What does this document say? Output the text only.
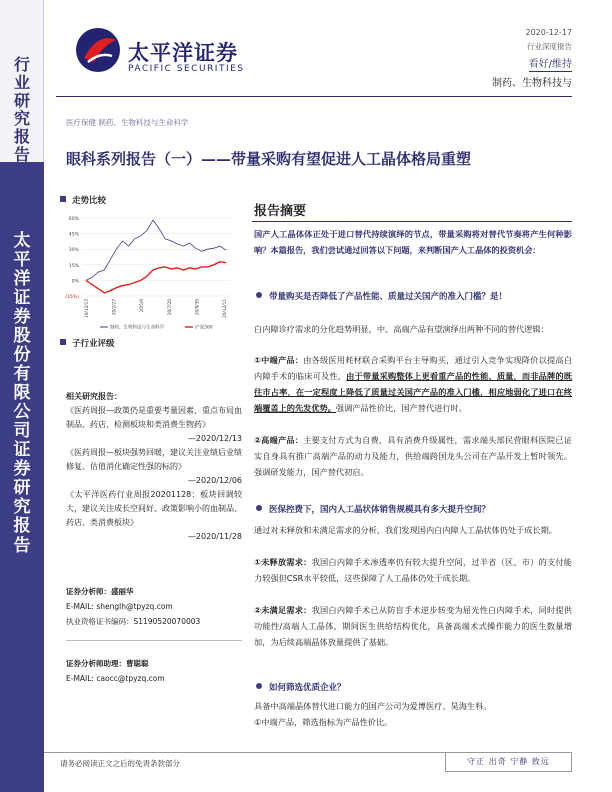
行
业
研
究
报
告
太
平
洋
证
券
股
份
有
限
公
司
证
券
研
究
报
告
太平洋证券
PACIFIC SECURITIES
2020-12-17
行业深度报告
看好/维持
制药、生物科技与
医疗保健 制药、生物科技与生命科学
眼科系列报告（一）——带量采购有望促进人工晶体格局重塑
走势比较
60%
45%
30%
15%
0%
(15%)
19/12/17	20/2/27	20/5/9	20/7/20	20/9/30	20/12/11
制药、生物科技与生命科学	沪深300
子行业评级
相关研究报告：
《医药周报—政策仍是重要考量因素，重点布局血制品、药店、检测板块和类消费生物药》
—2020/12/13
《医药周报—板块强势回暖，建议关注业绩后业绩修复、估值消化确定性强的标的》
—2020/12/06
《太平洋医药行业周报20201128：板块回调较大，建议关注成长空间好、政策影响小的血制品、药店、类消费板块》
—2020/11/28
证券分析师：盛丽华
E-MAIL: shenglh@tpyzq.com
执业资格证书编码：S1190520070003
证券分析师助理：曹聪聪
E-MAIL: caocc@tpyzq.com
报告摘要
国产人工晶体体正处于进口替代持续演绎的节点，带量采购将对替代节奏将产生何种影响？本篇报告，我们尝试通过回答以下问题，来判断国产人工晶体的投资机会：
带量购买是否降低了产品性能、质量过关国产的准入门槛？是！
白内障诊疗需求的分化趋势明显，中、高端产品有望演绎出两种不同的替代逻辑：
①中端产品：由各级医用耗材联合采购平台主导购买，通过引入竞争实现降价以提高白内障手术的临床可及性，由于带量采购整体上更看重产品的性能、质量，而非品牌的既往市占率，在一定程度上降低了质量过关国产产品的准入门槛，相应地弱化了进口在终端覆盖上的先发优势。强调产品性价比，国产替代进行时。
②高端产品：主要支付方式为自费，具有消费升级属性，需求端头部民营眼科医院已证实自身具有推广高端产品的动力及能力，供给端跨国龙头公司在产品开发上暂时领先。强调研发能力，国产替代初启。
医保控费下，国内人工晶状体销售规模具有多大提升空间？
通过对未释放和未满足需求的分析，我们发现国内白内障人工晶状体仍处于成长期。
①未释放需求：我国白内障手术渗透率仍有较大提升空间，过半省（区、市）的支付能力较强但CSR水平较低，这些保障了人工晶体仍处于成长期。
②未满足需求：我国白内障手术已从防盲手术逆步转变为屈光性白内障手术，同时提供功能性/高端人工晶体，期间医生供给结构优化，具备高端术式操作能力的医生数量增加，为后续高端晶体放量提供了基础。
如何筛选优质企业？
具备中高端晶体替代进口能力的国产公司为爱博医疗、昊海生科。
①中端产品，筛选指标为产品性价比。
请务必阅读正文之后的免责条款部分	守正 出奇 宁静 致远
